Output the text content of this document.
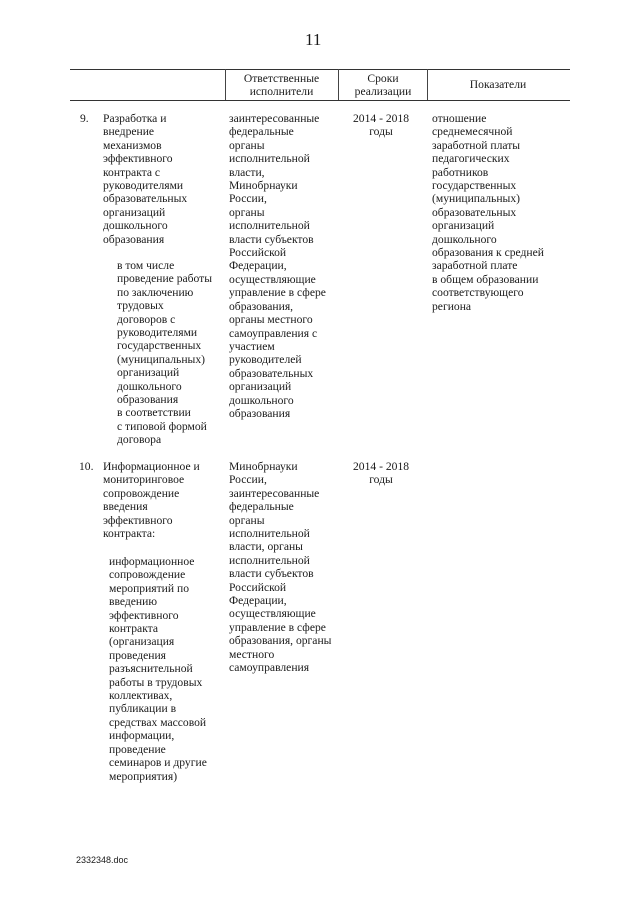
11
Ответственные
исполнители
Сроки
реализации
Показатели
9. Разработка и
внедрение
механизмов
эффективного
контракта с
руководителями
образовательных
организаций
дошкольного
образования
в том числе
проведение работы
по заключению
трудовых
договоров с
руководителями
государственных
(муниципальных)
организаций
дошкольного
образования
в соответствии
с типовой формой
договора
заинтересованные
федеральные
органы
исполнительной
власти,
Минобрнауки
России,
органы
исполнительной
власти субъектов
Российской
Федерации,
осуществляющие
управление в сфере
образования,
органы местного
самоуправления с
участием
руководителей
образовательных
организаций
дошкольного
образования
2014 - 2018
годы
отношение
среднемесячной
заработной платы
педагогических
работников
государственных
(муниципальных)
образовательных
организаций
дошкольного
образования к средней
заработной плате
в общем образовании
соответствующего
региона
10. Информационное и
мониторинговое
сопровождение
введения
эффективного
контракта:
информационное
сопровождение
мероприятий по
введению
эффективного
контракта
(организация
проведения
разъяснительной
работы в трудовых
коллективах,
публикации в
средствах массовой
информации,
проведение
семинаров и другие
мероприятия)
Минобрнауки
России,
заинтересованные
федеральные
органы
исполнительной
власти, органы
исполнительной
власти субъектов
Российской
Федерации,
осуществляющие
управление в сфере
образования, органы
местного
самоуправления
2014 - 2018
годы
2332348.doc
